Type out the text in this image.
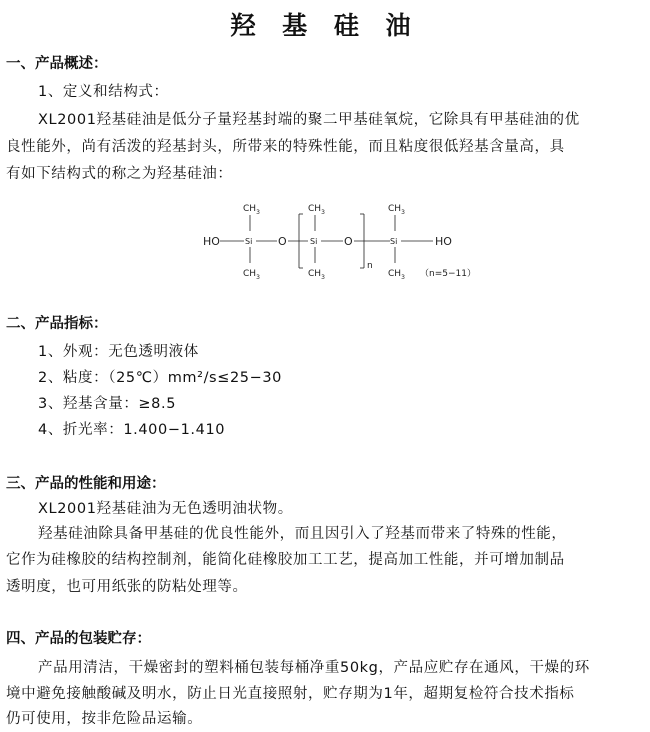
羟 基 硅 油
一、产品概述：
1、定义和结构式：
XL2001羟基硅油是低分子量羟基封端的聚二甲基硅氧烷，它除具有甲基硅油的优
良性能外，尚有活泼的羟基封头，所带来的特殊性能，而且粘度很低羟基含量高，具
有如下结构式的称之为羟基硅油：
$CH_3$
HO	Si
$CH_3$
O
$CH_3$
Si
$CH_3$
O
n
$CH_3$
Si
$CH_3$
HO
（n=5−11）
二、产品指标：
1、外观：无色透明液体
2、粘度：（25℃）mm²/s≤25−30
3、羟基含量：≥8.5
4、折光率：1.400−1.410
三、产品的性能和用途：
XL2001羟基硅油为无色透明油状物。
羟基硅油除具备甲基硅的优良性能外，而且因引入了羟基而带来了特殊的性能，
它作为硅橡胶的结构控制剂，能简化硅橡胶加工工艺，提高加工性能，并可增加制品
透明度，也可用纸张的防粘处理等。
四、产品的包装贮存：
产品用清洁，干燥密封的塑料桶包装每桶净重50kg，产品应贮存在通风，干燥的环
境中避免接触酸碱及明水，防止日光直接照射，贮存期为1年，超期复检符合技术指标
仍可使用，按非危险品运输。
